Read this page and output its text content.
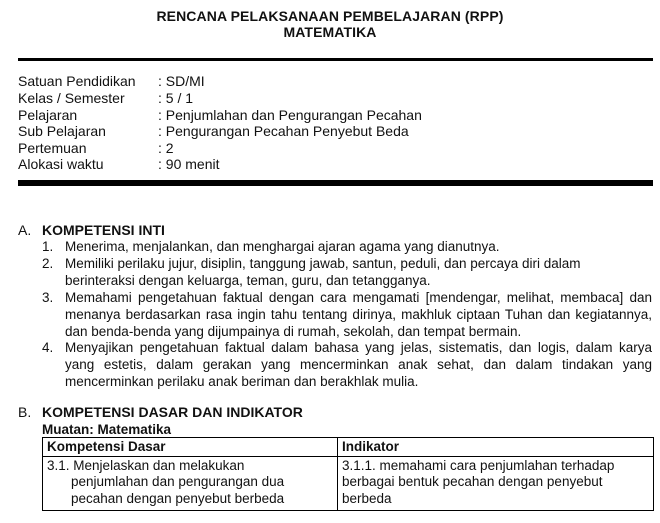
RENCANA PELAKSANAAN PEMBELAJARAN (RPP)
MATEMATIKA
Satuan Pendidikan : SD/MI
Kelas / Semester : 5 / 1
Pelajaran	: Penjumlahan dan Pengurangan Pecahan
Sub Pelajaran	: Pengurangan Pecahan Penyebut Beda
Pertemuan	: 2
Alokasi waktu	: 90 menit
A. KOMPETENSI INTI
1. Menerima, menjalankan, dan menghargai ajaran agama yang dianutnya.
2. Memiliki perilaku jujur, disiplin, tanggung jawab, santun, peduli, dan percaya diri dalam berinteraksi dengan keluarga, teman, guru, dan tetangganya.
3. Memahami pengetahuan faktual dengan cara mengamati [mendengar, melihat, membaca] dan menanya berdasarkan rasa ingin tahu tentang dirinya, makhluk ciptaan Tuhan dan kegiatannya, dan benda-benda yang dijumpainya di rumah, sekolah, dan tempat bermain.
4. Menyajikan pengetahuan faktual dalam bahasa yang jelas, sistematis, dan logis, dalam karya yang estetis, dalam gerakan yang mencerminkan anak sehat, dan dalam tindakan yang mencerminkan perilaku anak beriman dan berakhlak mulia.
B. KOMPETENSI DASAR DAN INDIKATOR
Muatan: Matematika
Kompetensi Dasar	Indikator

3.1. Menjelaskan dan melakukan
penjumlahan dan pengurangan dua
pecahan dengan penyebut berbeda	3.1.1. memahami cara penjumlahan terhadap berbagai bentuk pecahan dengan penyebut berbeda
